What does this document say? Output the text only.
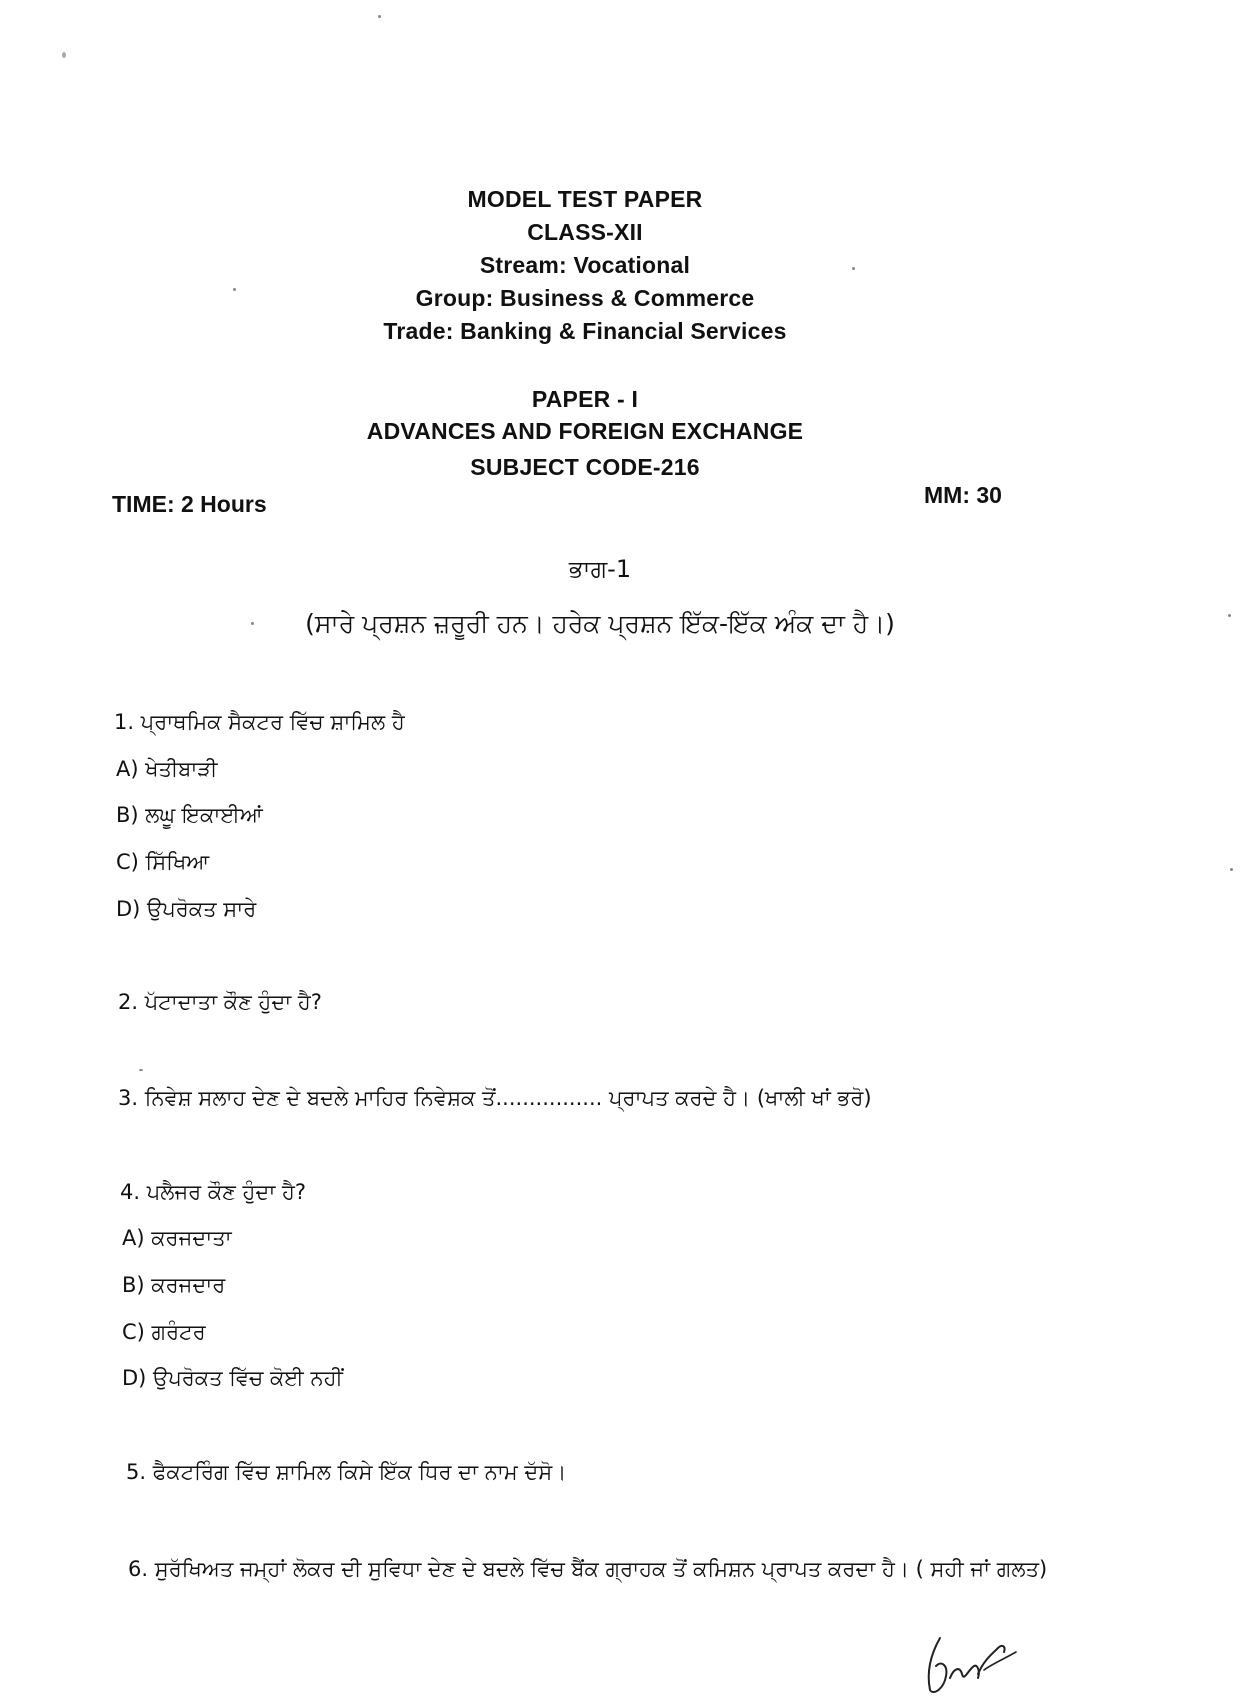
MODEL TEST PAPER
CLASS-XII
Stream: Vocational
Group: Business & Commerce
Trade: Banking & Financial Services
PAPER - I
ADVANCES AND FOREIGN EXCHANGE
SUBJECT CODE-216
TIME: 2 Hours	MM: 30
ਭਾਗ-1
(ਸਾਰੇ ਪ੍ਰਸ਼ਨ ਜ਼ਰੂਰੀ ਹਨ। ਹਰੇਕ ਪ੍ਰਸ਼ਨ ਇੱਕ-ਇੱਕ ਅੰਕ ਦਾ ਹੈ।)
1. ਪ੍ਰਾਥਮਿਕ ਸੈਕਟਰ ਵਿੱਚ ਸ਼ਾਮਿਲ ਹੈ
A) ਖੇਤੀਬਾੜੀ
B) ਲਘੂ ਇਕਾਈਆਂ
C) ਸਿੱਖਿਆ
D) ਉਪਰੋਕਤ ਸਾਰੇ
2. ਪੱਟਾਦਾਤਾ ਕੌਣ ਹੁੰਦਾ ਹੈ?
3. ਨਿਵੇਸ਼ ਸਲਾਹ ਦੇਣ ਦੇ ਬਦਲੇ ਮਾਹਿਰ ਨਿਵੇਸ਼ਕ ਤੋਂ................ ਪ੍ਰਾਪਤ ਕਰਦੇ ਹੈ। (ਖਾਲੀ ਖਾਂ ਭਰੋ)
4. ਪਲੈਜਰ ਕੌਣ ਹੁੰਦਾ ਹੈ?
A) ਕਰਜਦਾਤਾ
B) ਕਰਜਦਾਰ
C) ਗਰੰਟਰ
D) ਉਪਰੋਕਤ ਵਿੱਚ ਕੋਈ ਨਹੀਂ
5. ਫੈਕਟਰਿੰਗ ਵਿੱਚ ਸ਼ਾਮਿਲ ਕਿਸੇ ਇੱਕ ਧਿਰ ਦਾ ਨਾਮ ਦੱਸੋ।
6. ਸੁਰੱਖਿਅਤ ਜਮ੍ਹਾਂ ਲੋਕਰ ਦੀ ਸੁਵਿਧਾ ਦੇਣ ਦੇ ਬਦਲੇ ਵਿੱਚ ਬੈਂਕ ਗ੍ਰਾਹਕ ਤੋਂ ਕਮਿਸ਼ਨ ਪ੍ਰਾਪਤ ਕਰਦਾ ਹੈ। ( ਸਹੀ ਜਾਂ ਗਲਤ)
